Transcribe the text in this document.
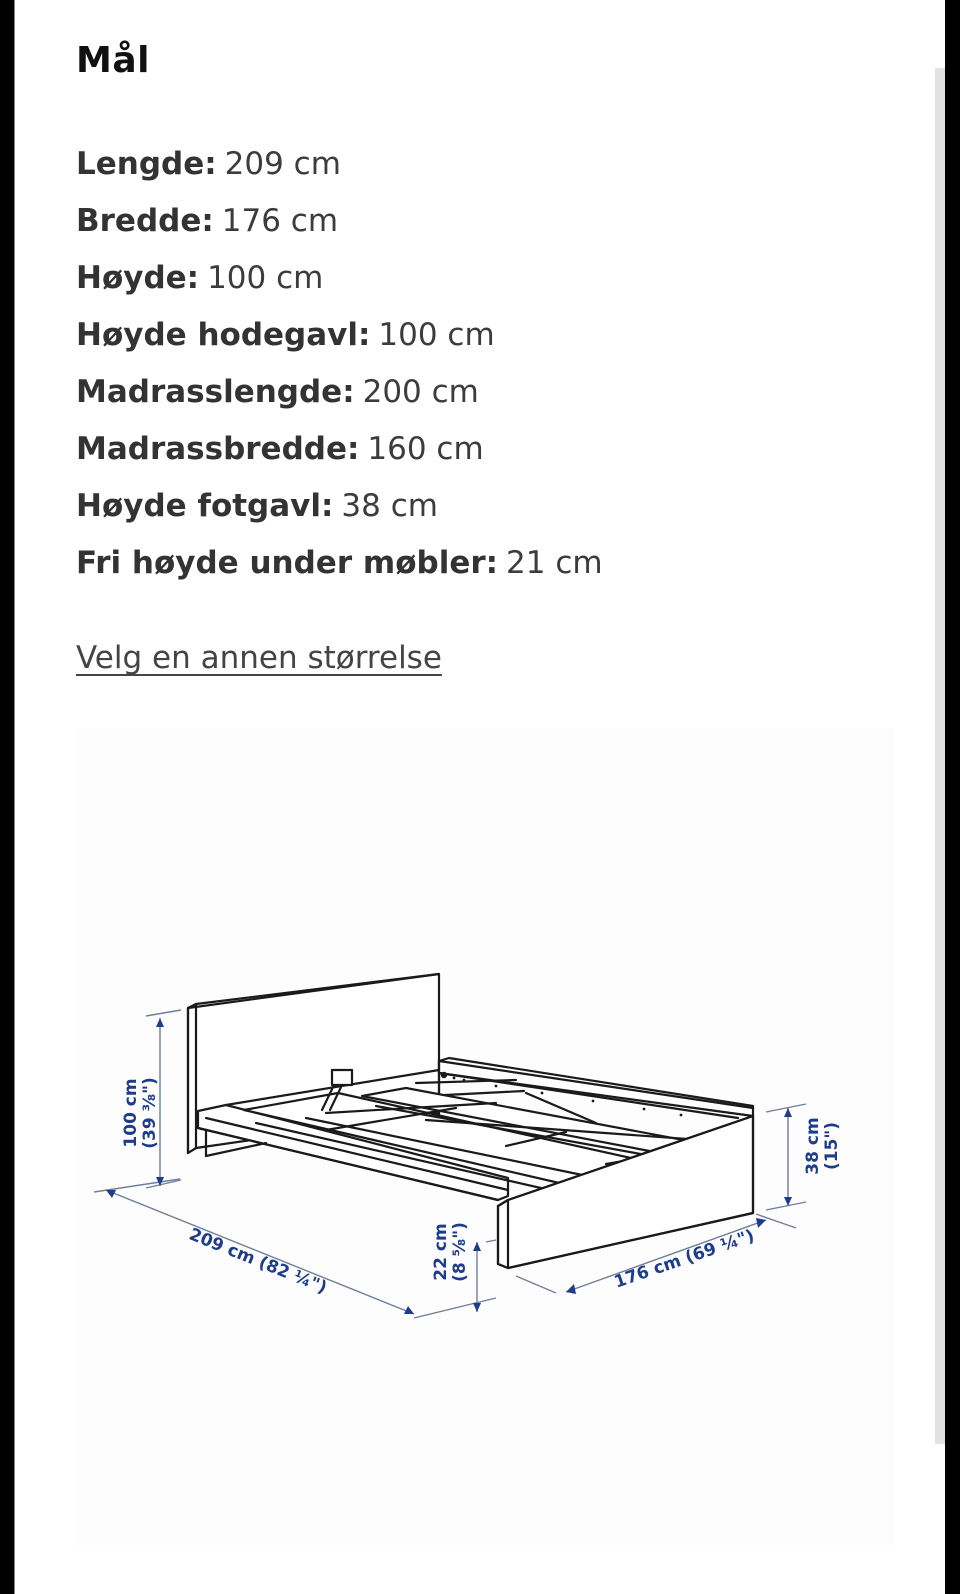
Mål
Lengde: 209 cm
Bredde: 176 cm
Høyde: 100 cm
Høyde hodegavl: 100 cm
Madrasslengde: 200 cm
Madrassbredde: 160 cm
Høyde fotgavl: 38 cm
Fri høyde under møbler: 21 cm
Velg en annen størrelse
100 cm (39 ⅜")
209 cm (82 ¼")	22 cm (8 ⅝")	176 cm (69 ¼")
38 cm (15")
